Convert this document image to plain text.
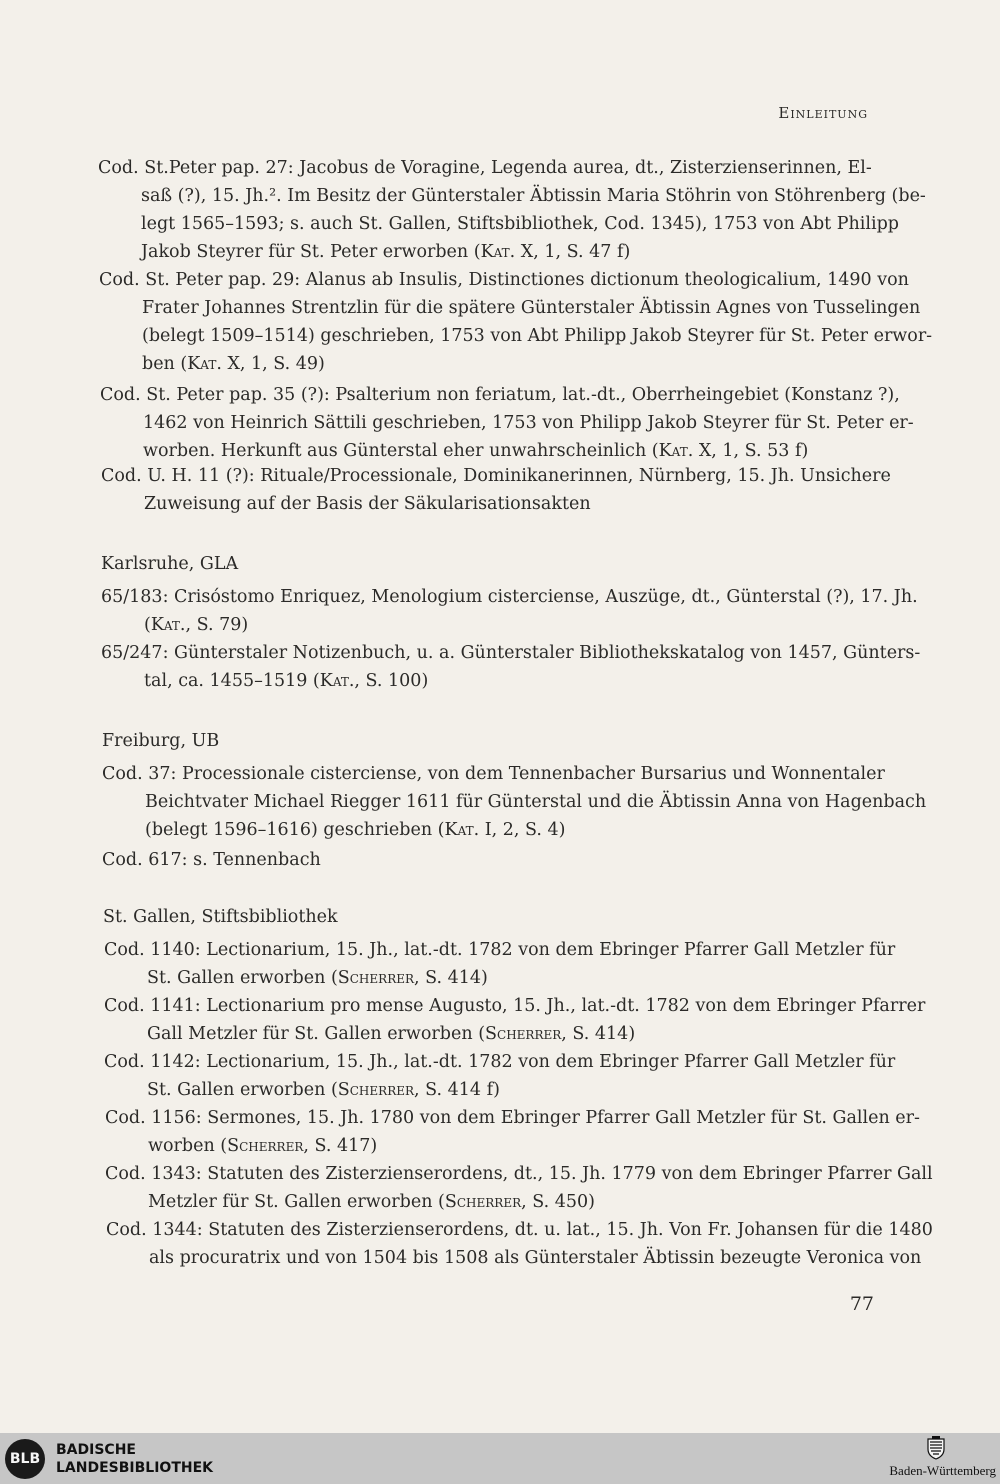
Einleitung
Cod. St.Peter pap. 27: Jacobus de Voragine, Legenda aurea, dt., Zisterzienserinnen, El-
saß (?), 15. Jh.². Im Besitz der Günterstaler Äbtissin Maria Stöhrin von Stöhrenberg (be-
legt 1565–1593; s. auch St. Gallen, Stiftsbibliothek, Cod. 1345), 1753 von Abt Philipp
Jakob Steyrer für St. Peter erworben (Kat. X, 1, S. 47 f)
Cod. St. Peter pap. 29: Alanus ab Insulis, Distinctiones dictionum theologicalium, 1490 von
Frater Johannes Strentzlin für die spätere Günterstaler Äbtissin Agnes von Tusselingen
(belegt 1509–1514) geschrieben, 1753 von Abt Philipp Jakob Steyrer für St. Peter erwor-
ben (Kat. X, 1, S. 49)
Cod. St. Peter pap. 35 (?): Psalterium non feriatum, lat.-dt., Oberrheingebiet (Konstanz ?),
1462 von Heinrich Sättili geschrieben, 1753 von Philipp Jakob Steyrer für St. Peter er-
worben. Herkunft aus Günterstal eher unwahrscheinlich (Kat. X, 1, S. 53 f)
Cod. U. H. 11 (?): Rituale/Processionale, Dominikanerinnen, Nürnberg, 15. Jh. Unsichere
Zuweisung auf der Basis der Säkularisationsakten
Karlsruhe, GLA
65/183: Crisóstomo Enriquez, Menologium cisterciense, Auszüge, dt., Günterstal (?), 17. Jh.
(Kat., S. 79)
65/247: Günterstaler Notizenbuch, u. a. Günterstaler Bibliothekskatalog von 1457, Günters-
tal, ca. 1455–1519 (Kat., S. 100)
Freiburg, UB
Cod. 37: Processionale cisterciense, von dem Tennenbacher Bursarius und Wonnentaler
Beichtvater Michael Riegger 1611 für Günterstal und die Äbtissin Anna von Hagenbach
(belegt 1596–1616) geschrieben (Kat. I, 2, S. 4)
Cod. 617: s. Tennenbach
St. Gallen, Stiftsbibliothek
Cod. 1140: Lectionarium, 15. Jh., lat.-dt. 1782 von dem Ebringer Pfarrer Gall Metzler für
St. Gallen erworben (Scherrer, S. 414)
Cod. 1141: Lectionarium pro mense Augusto, 15. Jh., lat.-dt. 1782 von dem Ebringer Pfarrer
Gall Metzler für St. Gallen erworben (Scherrer, S. 414)
Cod. 1142: Lectionarium, 15. Jh., lat.-dt. 1782 von dem Ebringer Pfarrer Gall Metzler für
St. Gallen erworben (Scherrer, S. 414 f)
Cod. 1156: Sermones, 15. Jh. 1780 von dem Ebringer Pfarrer Gall Metzler für St. Gallen er-
worben (Scherrer, S. 417)
Cod. 1343: Statuten des Zisterzienserordens, dt., 15. Jh. 1779 von dem Ebringer Pfarrer Gall
Metzler für St. Gallen erworben (Scherrer, S. 450)
Cod. 1344: Statuten des Zisterzienserordens, dt. u. lat., 15. Jh. Von Fr. Johansen für die 1480
als procuratrix und von 1504 bis 1508 als Günterstaler Äbtissin bezeugte Veronica von
77
BLB
BADISCHE
LANDESBIBLIOTHEK	Baden-Württemberg
